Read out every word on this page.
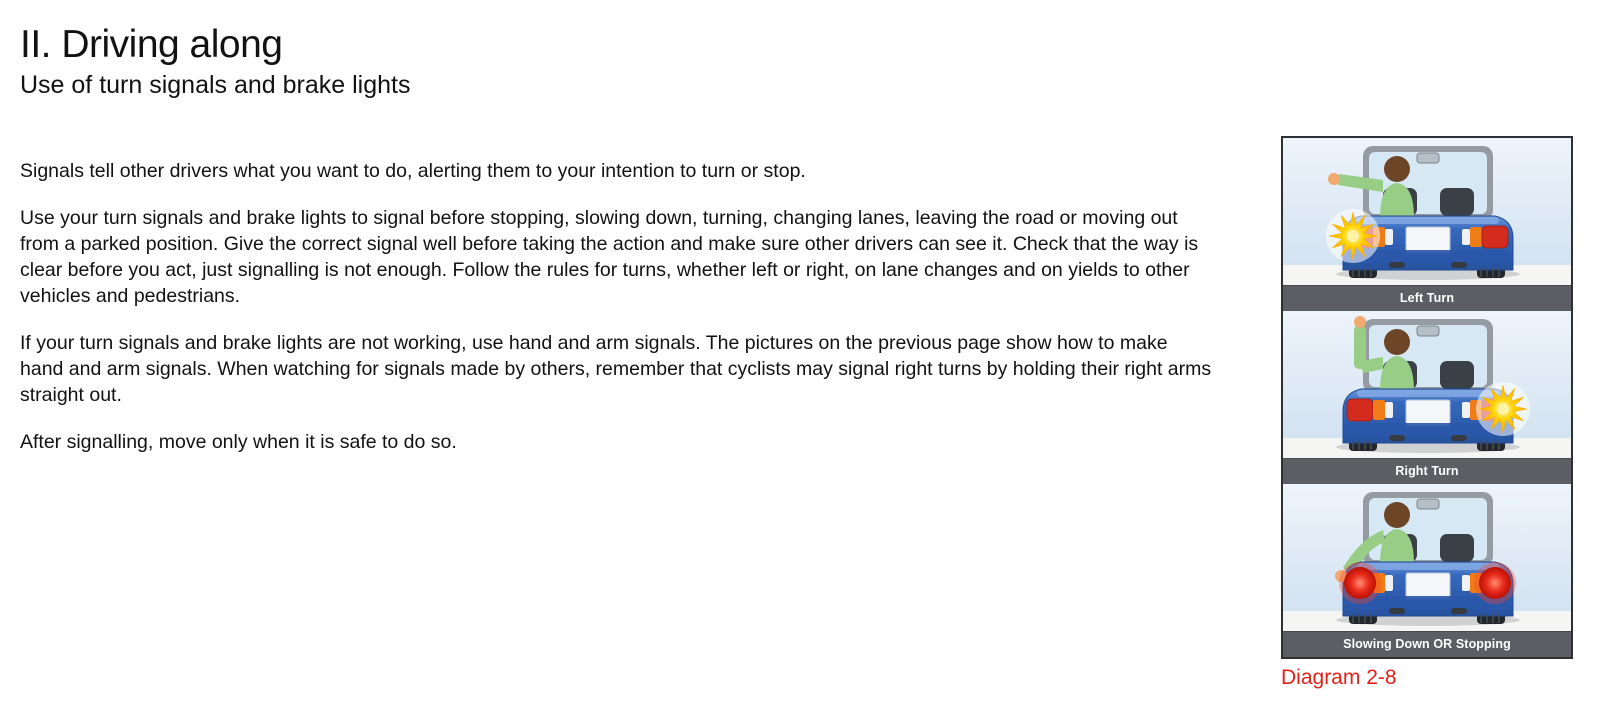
II. Driving along
Use of turn signals and brake lights

Signals tell other drivers what you want to do, alerting them to your intention to turn or stop.

Use your turn signals and brake lights to signal before stopping, slowing down, turning, changing lanes, leaving the road or moving out from a parked position. Give the correct signal well before taking the action and make sure other drivers can see it. Check that the way is clear before you act, just signalling is not enough. Follow the rules for turns, whether left or right, on lane changes and on yields to other vehicles and pedestrians.

If your turn signals and brake lights are not working, use hand and arm signals. The pictures on the previous page show how to make hand and arm signals. When watching for signals made by others, remember that cyclists may signal right turns by holding their right arms straight out.

After signalling, move only when it is safe to do so.

Left Turn
Right Turn
Slowing Down OR Stopping
Diagram 2-8
